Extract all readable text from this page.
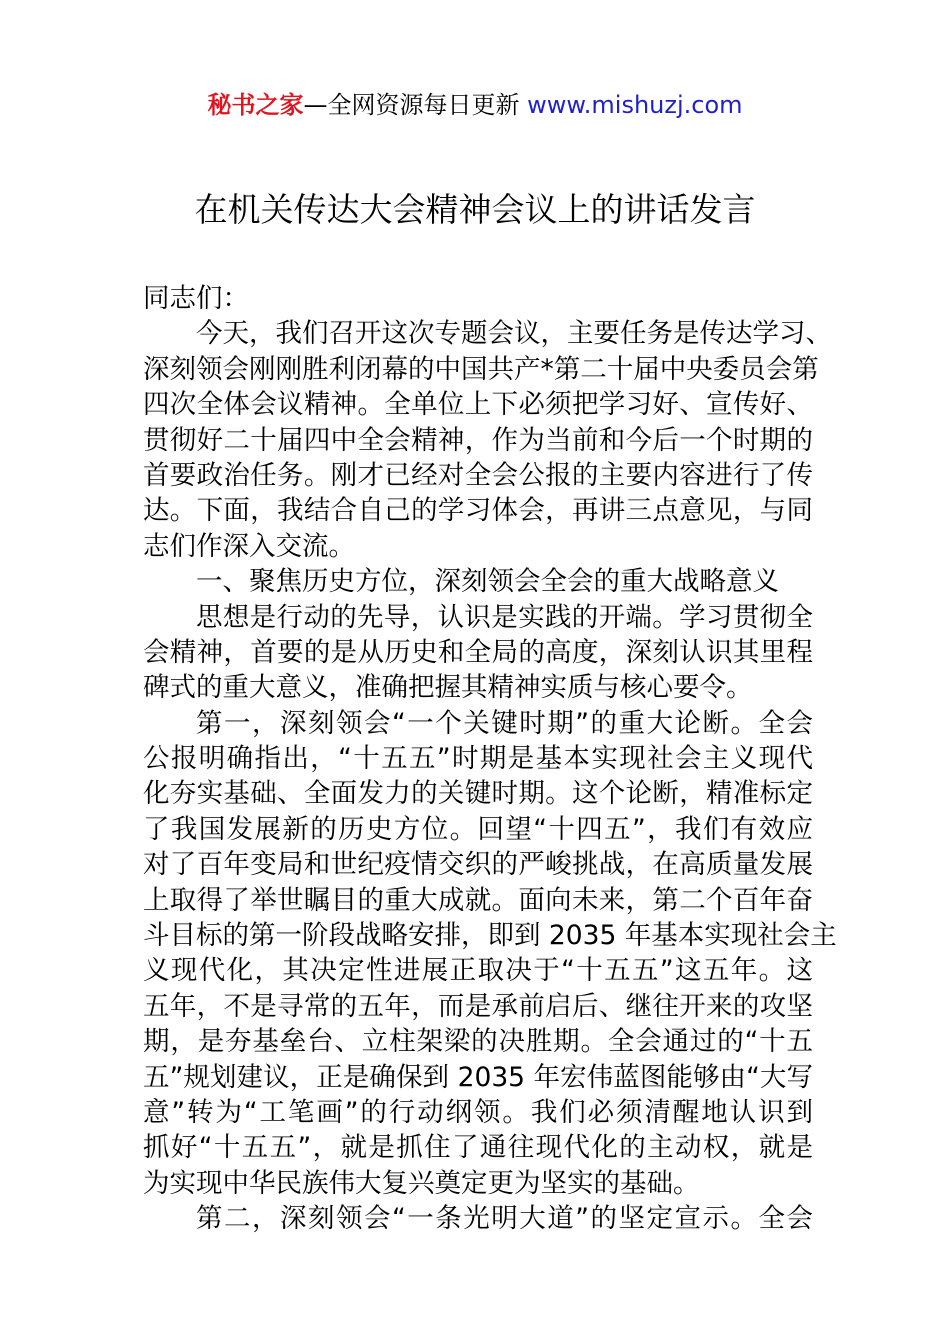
秘书之家—全网资源每日更新 www.mishuzj.com
在机关传达大会精神会议上的讲话发言
同志们：
今天，我们召开这次专题会议，主要任务是传达学习、
深刻领会刚刚胜利闭幕的中国共产*第二十届中央委员会第
四次全体会议精神。全单位上下必须把学习好、宣传好、
贯彻好二十届四中全会精神，作为当前和今后一个时期的
首要政治任务。刚才已经对全会公报的主要内容进行了传
达。下面，我结合自己的学习体会，再讲三点意见，与同
志们作深入交流。
一、聚焦历史方位，深刻领会全会的重大战略意义
思想是行动的先导，认识是实践的开端。学习贯彻全
会精神，首要的是从历史和全局的高度，深刻认识其里程
碑式的重大意义，准确把握其精神实质与核心要令。
第一，深刻领会“一个关键时期”的重大论断。全会
公报明确指出，“十五五”时期是基本实现社会主义现代
化夯实基础、全面发力的关键时期。这个论断，精准标定
了我国发展新的历史方位。回望“十四五”，我们有效应
对了百年变局和世纪疫情交织的严峻挑战，在高质量发展
上取得了举世瞩目的重大成就。面向未来，第二个百年奋
斗目标的第一阶段战略安排，即到 2035 年基本实现社会主
义现代化，其决定性进展正取决于“十五五”这五年。这
五年，不是寻常的五年，而是承前启后、继往开来的攻坚
期，是夯基垒台、立柱架梁的决胜期。全会通过的“十五
五”规划建议，正是确保到 2035 年宏伟蓝图能够由“大写
意”转为“工笔画”的行动纲领。我们必须清醒地认识到
抓好“十五五”，就是抓住了通往现代化的主动权，就是
为实现中华民族伟大复兴奠定更为坚实的基础。
第二，深刻领会“一条光明大道”的坚定宣示。全会
